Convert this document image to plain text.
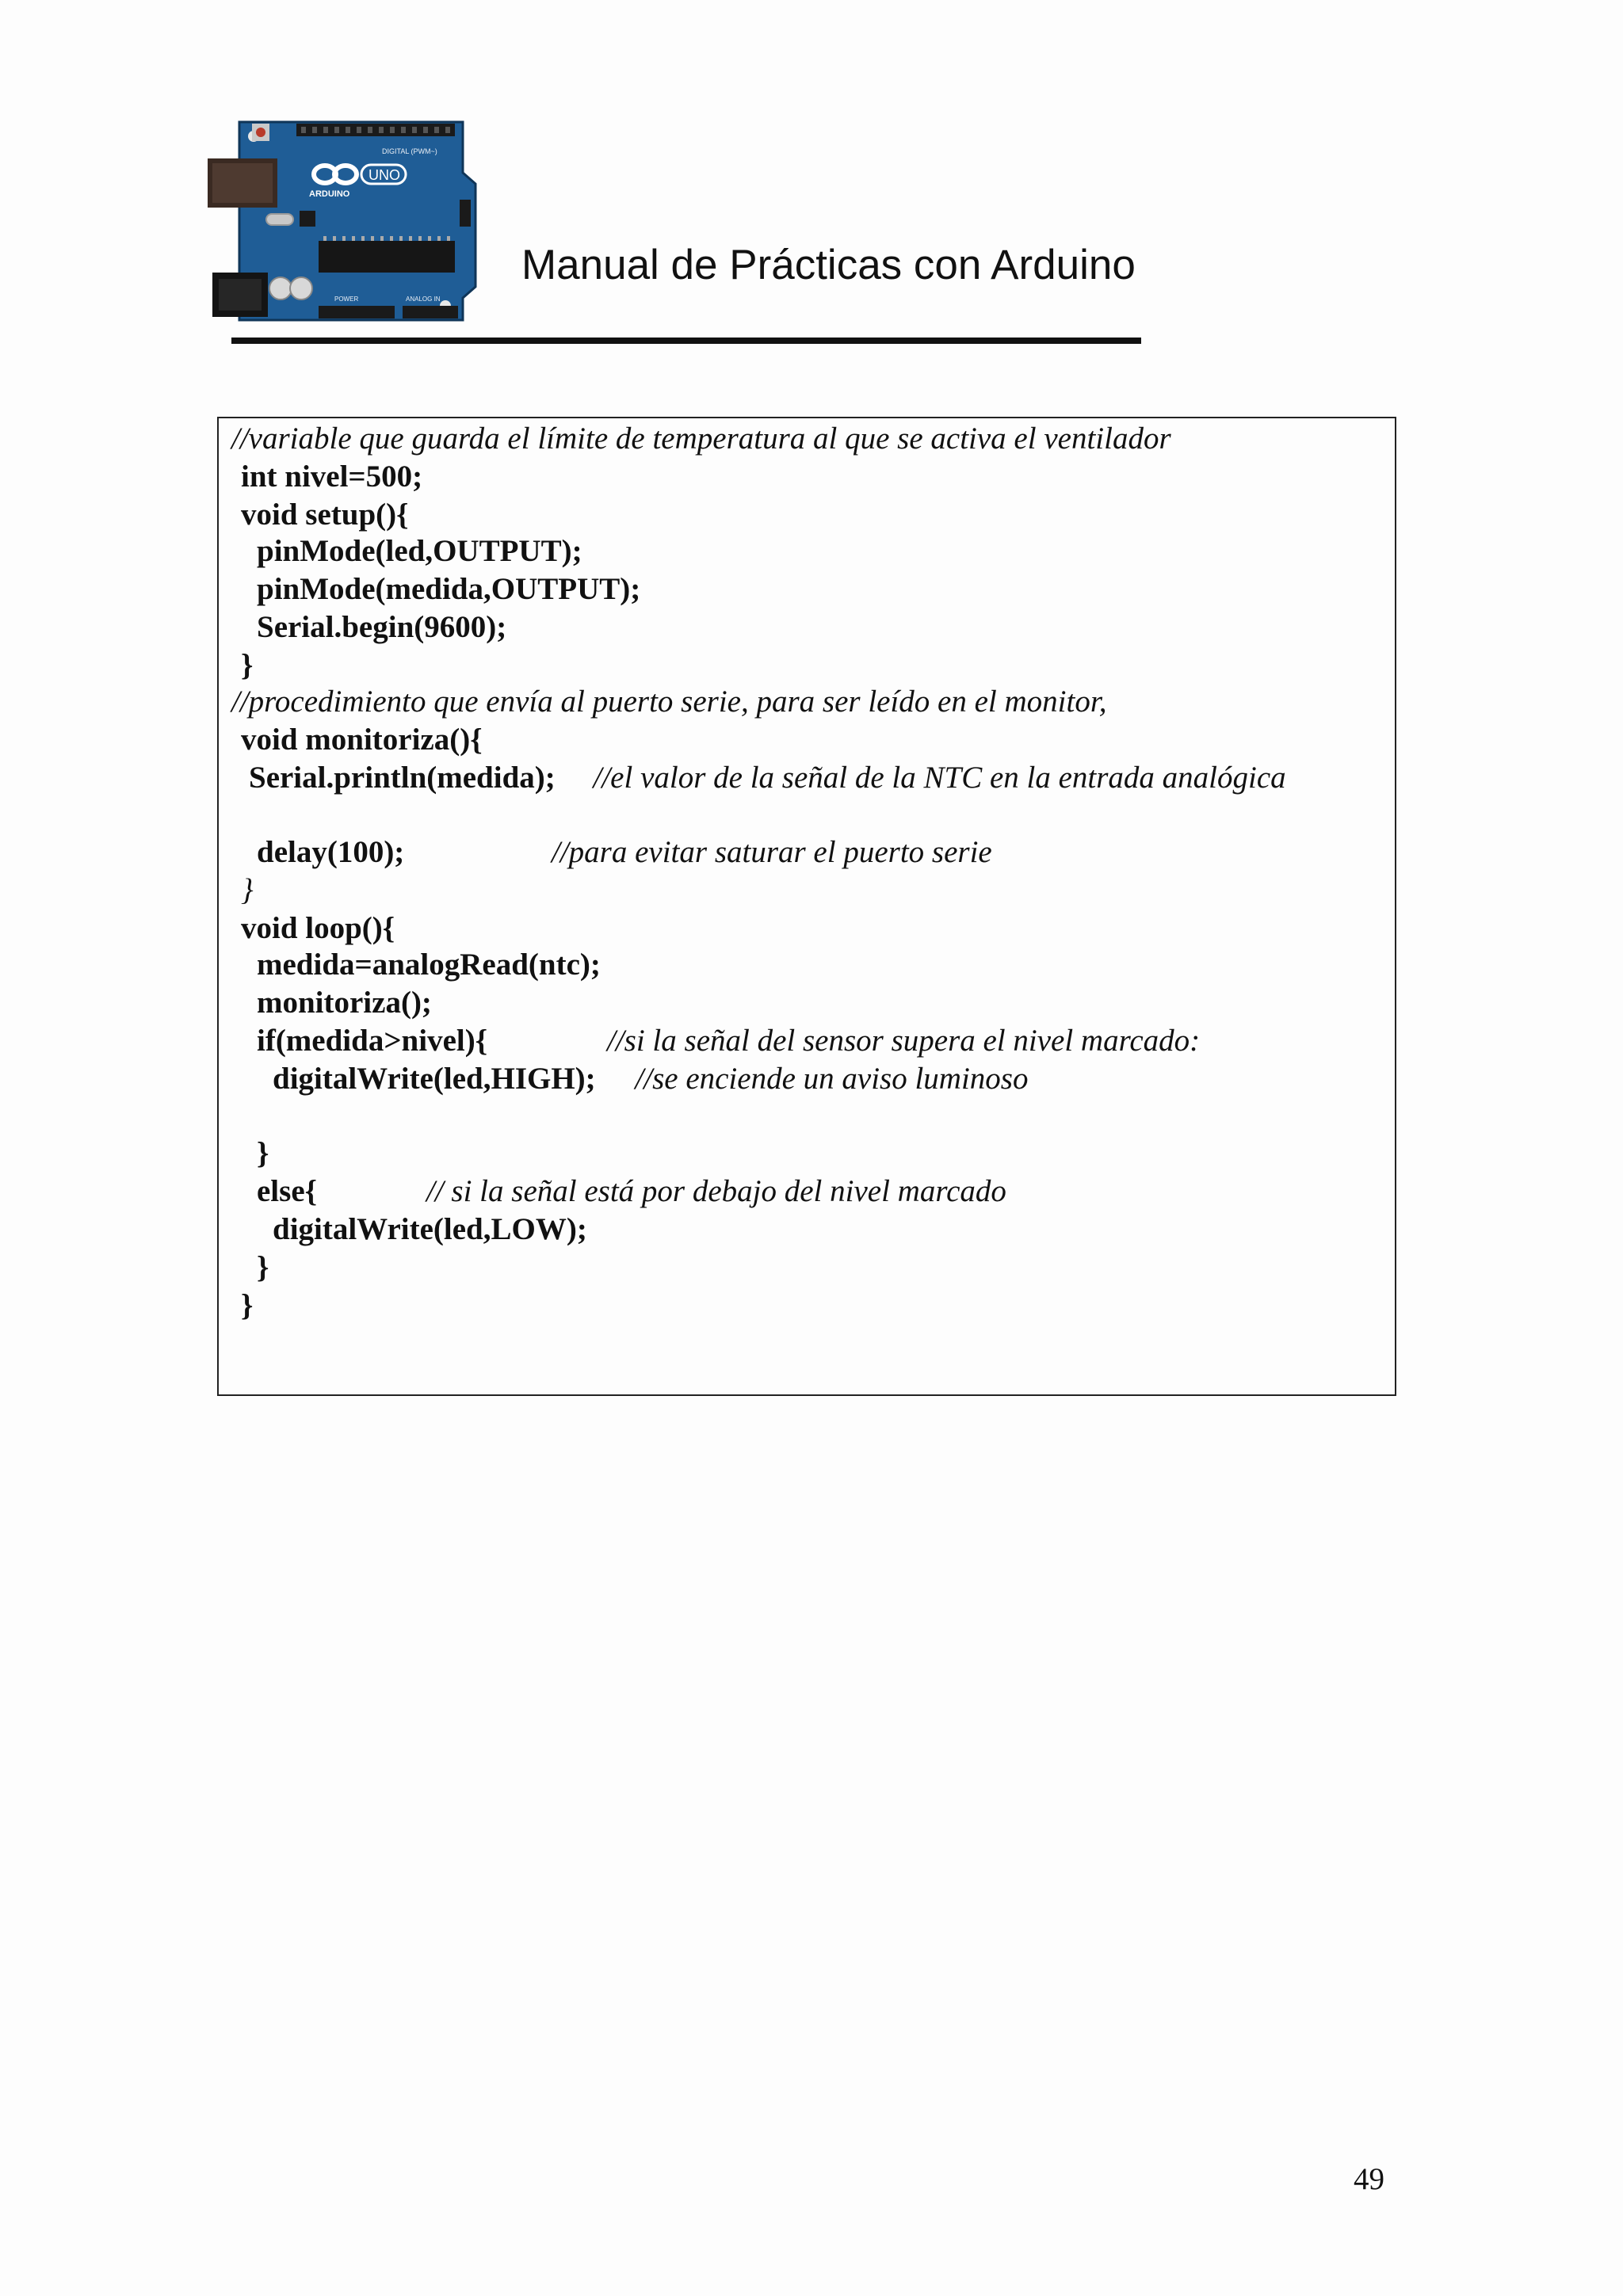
DIGITAL (PWM~)
UNO
ARDUINO
POWER	ANALOG IN
Manual de Prácticas con Arduino
//variable que guarda el límite de temperatura al que se activa el ventilador
int nivel=500;
void setup(){
pinMode(led,OUTPUT);
pinMode(medida,OUTPUT);
Serial.begin(9600);
}
//procedimiento que envía al puerto serie, para ser leído en el monitor,
void monitoriza(){
Serial.println(medida); //el valor de la señal de la NTC en la entrada analógica
delay(100);	//para evitar saturar el puerto serie
}
void loop(){
medida=analogRead(ntc);
monitoriza();
if(medida>nivel){	//si la señal del sensor supera el nivel marcado:
digitalWrite(led,HIGH); //se enciende un aviso luminoso
}
else{	// si la señal está por debajo del nivel marcado
digitalWrite(led,LOW);
}
}
49
